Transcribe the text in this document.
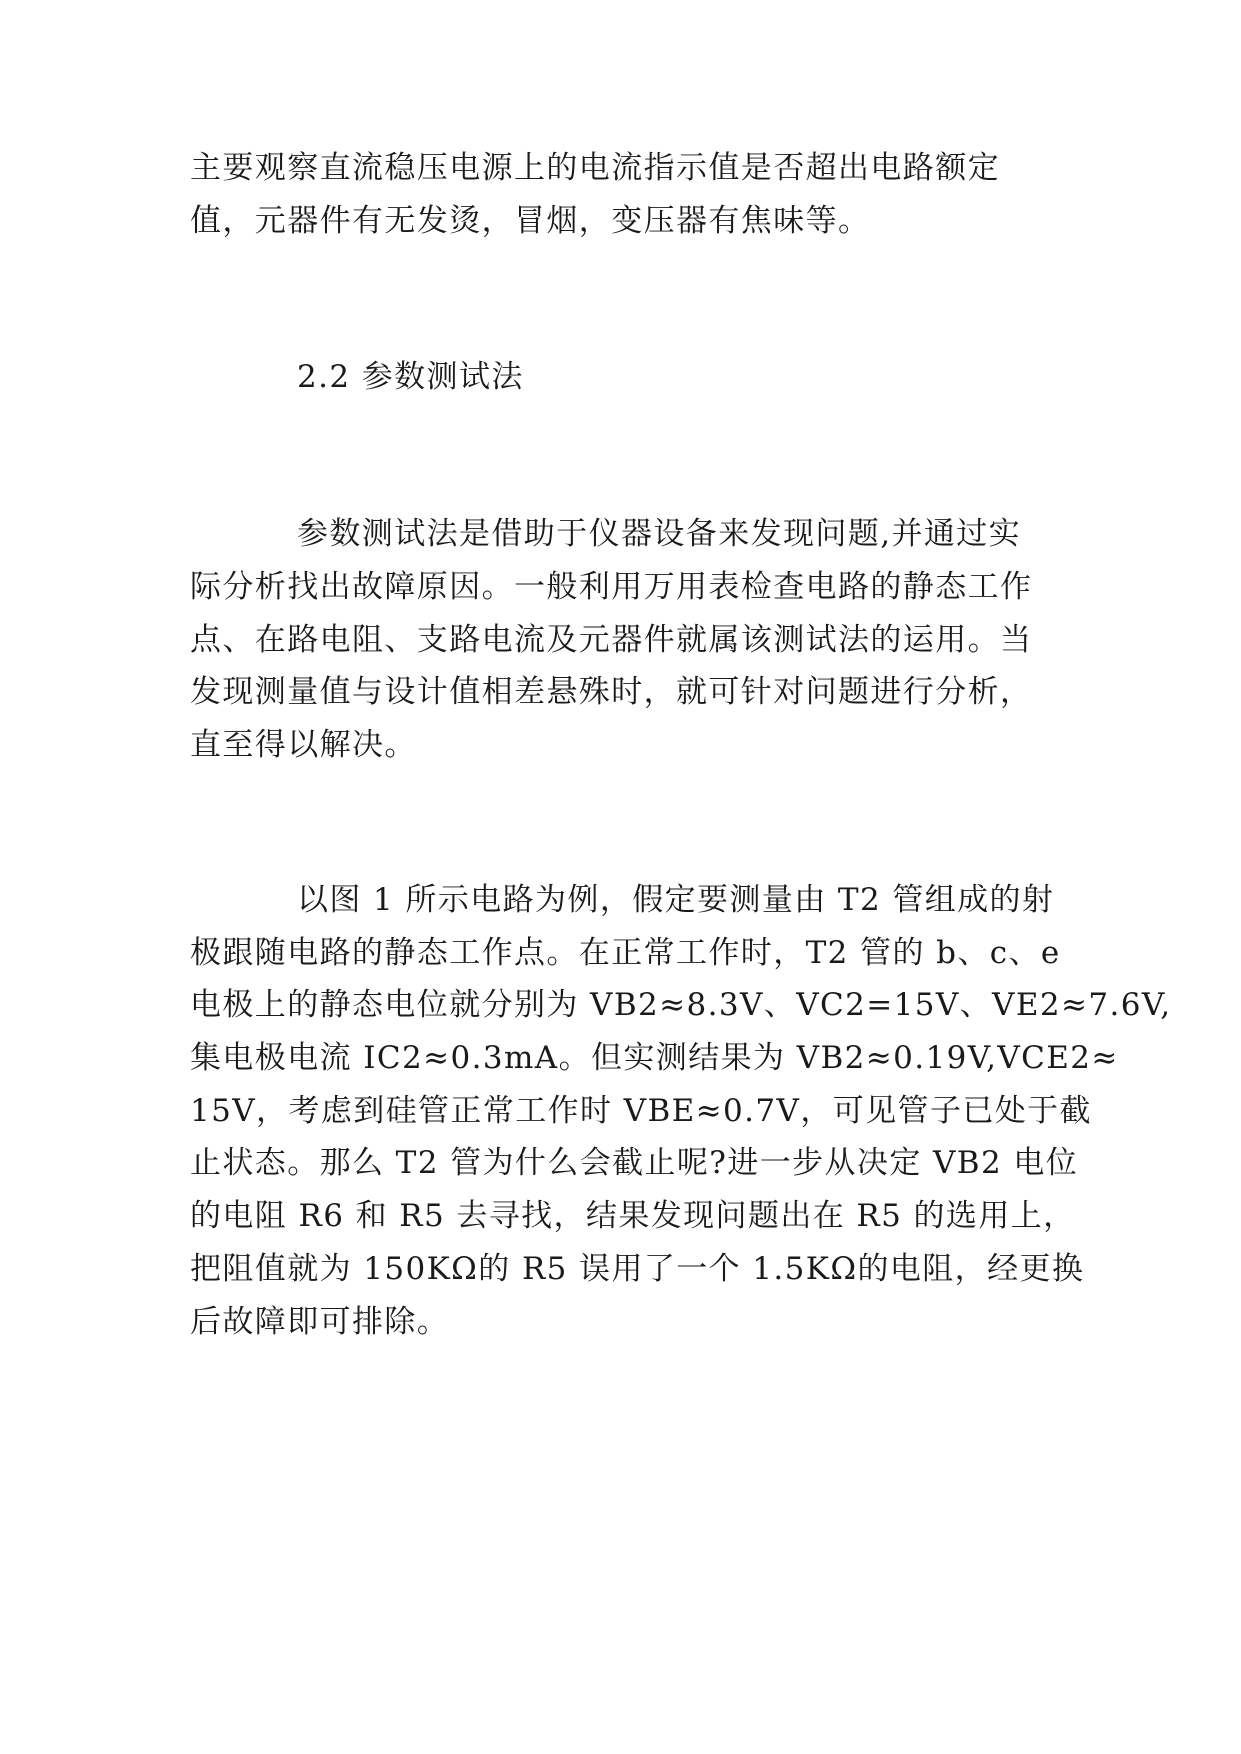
主要观察直流稳压电源上的电流指示值是否超出电路额定
值，元器件有无发烫，冒烟，变压器有焦味等。
2.2 参数测试法
参数测试法是借助于仪器设备来发现问题,并通过实
际分析找出故障原因。一般利用万用表检查电路的静态工作
点、在路电阻、支路电流及元器件就属该测试法的运用。当
发现测量值与设计值相差悬殊时，就可针对问题进行分析，
直至得以解决。
以图 1 所示电路为例，假定要测量由 T2 管组成的射
极跟随电路的静态工作点。在正常工作时，T2 管的 b、c、e
电极上的静态电位就分别为 VB2≈8.3V、VC2=15V、VE2≈7.6V,
集电极电流 IC2≈0.3mA。但实测结果为 VB2≈0.19V,VCE2≈
15V，考虑到硅管正常工作时 VBE≈0.7V，可见管子已处于截
止状态。那么 T2 管为什么会截止呢?进一步从决定 VB2 电位
的电阻 R6 和 R5 去寻找，结果发现问题出在 R5 的选用上，
把阻值就为 150KΩ的 R5 误用了一个 1.5KΩ的电阻，经更换
后故障即可排除。
